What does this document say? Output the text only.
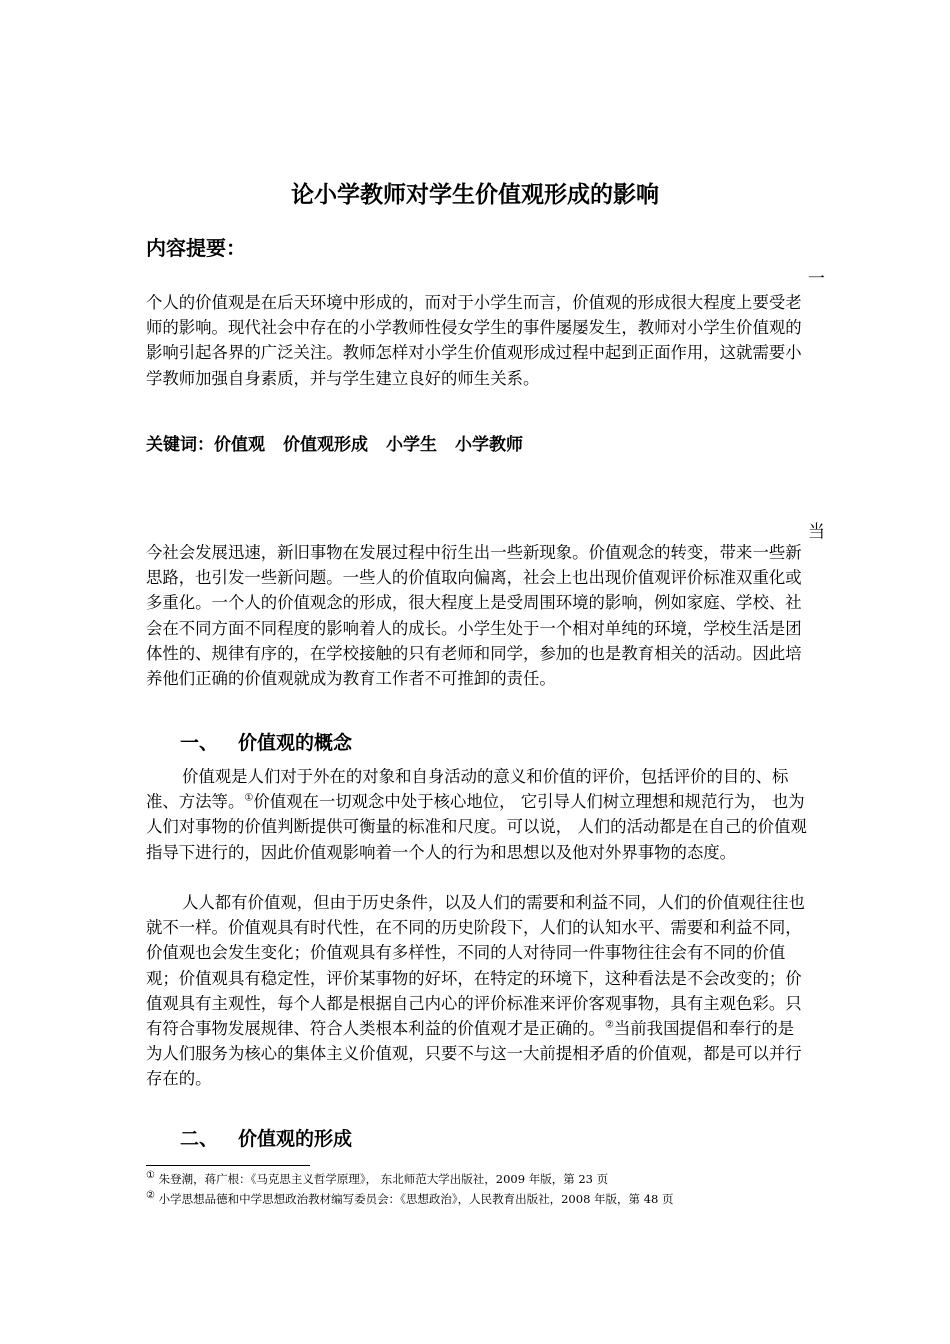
论小学教师对学生价值观形成的影响
内容提要：
一

个人的价值观是在后天环境中形成的，而对于小学生而言，价值观的形成很大程度上要受老师的影响。现代社会中存在的小学教师性侵女学生的事件屡屡发生，教师对小学生价值观的影响引起各界的广泛关注。教师怎样对小学生价值观形成过程中起到正面作用，这就需要小学教师加强自身素质，并与学生建立良好的师生关系。

关键词：价值观 价值观形成 小学生 小学教师
当

今社会发展迅速，新旧事物在发展过程中衍生出一些新现象。价值观念的转变，带来一些新思路，也引发一些新问题。一些人的价值取向偏离，社会上也出现价值观评价标准双重化或多重化。一个人的价值观念的形成，很大程度上是受周围环境的影响，例如家庭、学校、社会在不同方面不同程度的影响着人的成长。小学生处于一个相对单纯的环境，学校生活是团体性的、规律有序的，在学校接触的只有老师和同学，参加的也是教育相关的活动。因此培养他们正确的价值观就成为教育工作者不可推卸的责任。

一、 价值观的概念

价值观是人们对于外在的对象和自身活动的意义和价值的评价，包括评价的目的、标准、方法等。①价值观在一切观念中处于核心地位， 它引导人们树立理想和规范行为， 也为人们对事物的价值判断提供可衡量的标准和尺度。可以说， 人们的活动都是在自己的价值观指导下进行的，因此价值观影响着一个人的行为和思想以及他对外界事物的态度。

人人都有价值观，但由于历史条件，以及人们的需要和利益不同，人们的价值观往往也就不一样。价值观具有时代性，在不同的历史阶段下，人们的认知水平、需要和利益不同，价值观也会发生变化；价值观具有多样性，不同的人对待同一件事物往往会有不同的价值观；价值观具有稳定性，评价某事物的好坏，在特定的环境下，这种看法是不会改变的；价值观具有主观性，每个人都是根据自己内心的评价标准来评价客观事物，具有主观色彩。只有符合事物发展规律、符合人类根本利益的价值观才是正确的。②当前我国提倡和奉行的是为人们服务为核心的集体主义价值观，只要不与这一大前提相矛盾的价值观，都是可以并行存在的。

二、 价值观的形成
① 朱登潮，蒋广根：《马克思主义哲学原理》， 东北师范大学出版社，2009 年版，第 23 页
② 小学思想品德和中学思想政治教材编写委员会：《思想政治》，人民教育出版社，2008 年版，第 48 页
